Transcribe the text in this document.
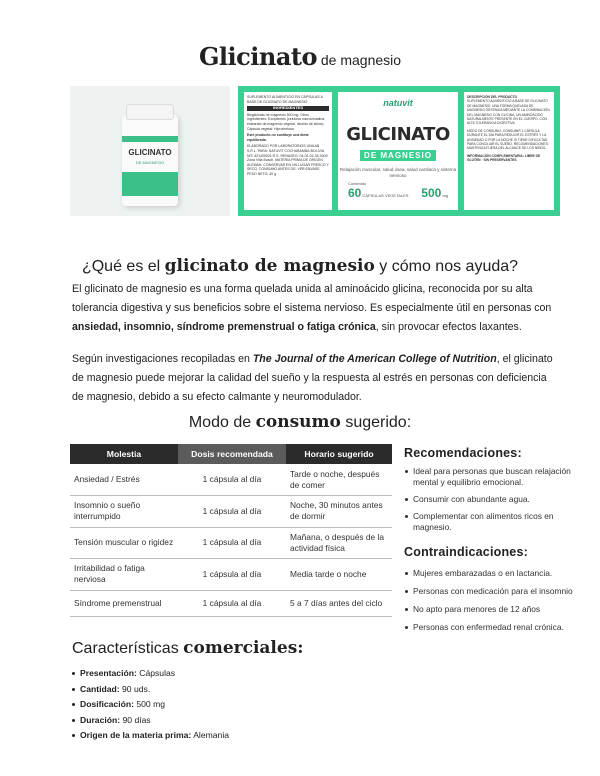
Glicinato de magnesio
GLICINATO
DE MAGNESIO
SUPLEMENTO ALIMENTICIO EN CÁPSULAS A BASE DE GLICINATO DE MAGNESIO
INGREDIENTES
Bisglicinato de magnesio 500 mg. Otros ingredientes: Excipientes (celulosa microcristalina, estearato de magnesio vegetal, dióxido de silicio). Cápsula vegetal: Hipromelosa
Este producto no sustituye una dieta equilibrada.
ELABORADO POR LABORATORIOS UNILAB S.R.L. PARA: NATUVIT COCHABAMBA-BOLIVIA NIT: 421409021 R.S. RENASEG: 04-02-02-34-0009 Zona Villa Busch. MATERIA PRIMA DE ORIGEN ALEMÁN. CONSERVAR EN UN LUGAR FRESCO Y SECO. CONSUMO ANTES DE: VER ENVASE. PESO NETO: 40 g
natuvit
GLICINATO
DE MAGNESIO
Relajación muscular, salud ósea, salud cardiaca y sistema nervioso
Contenido
60 CÁPSULAS VEGETALES 500 mg
DESCRIPCIÓN DEL PRODUCTO
SUPLEMENTO ALIMENTICIO A BASE DE GLICINATO DE MAGNESIO. UNA FORMA QUELADA DE MAGNESIO OBTENIDA MEDIANTE LA COMBINACIÓN DEL MAGNESIO CON GLICINA, UN AMINOÁCIDO NATURALMENTE PRESENTE EN EL CUERPO. CON ALTA TOLERANCIA DIGESTIVA.
MODO DE CONSUMO: CONSUMIR 1 CÁPSULA DURANTE EL DÍA PARA REDUCIR EL ESTRÉS Y LA ANSIEDAD O POR LA NOCHE SI TIENE DIFICULTAD PARA CONCILIAR EL SUEÑO. RECOMENDACIONES: MANTENGA FUERA DEL ALCANCE DE LOS NIÑOS.
INFORMACIÓN COMPLEMENTARIA: LIBRE DE GLUTEN · SIN PRESERVANTES
¿Qué es el glicinato de magnesio y cómo nos ayuda?

El glicinato de magnesio es una forma quelada unida al aminoácido glicina, reconocida por su alta tolerancia digestiva y sus beneficios sobre el sistema nervioso. Es especialmente útil en personas con ansiedad, insomnio, síndrome premenstrual o fatiga crónica, sin provocar efectos laxantes.

Según investigaciones recopiladas en The Journal of the American College of Nutrition, el glicinato de magnesio puede mejorar la calidad del sueño y la respuesta al estrés en personas con deficiencia de magnesio, debido a su efecto calmante y neuromodulador.

Modo de consumo sugerido:
Molestia	Dosis recomendada	Horario sugerido
Ansiedad / Estrés	1 cápsula al día	Tarde o noche, después de comer
Insomnio o sueño interrumpido	1 cápsula al día	Noche, 30 minutos antes de dormir
Tensión muscular o rigidez	1 cápsula al día	Mañana, o después de la actividad física
Irritabilidad o fatiga nerviosa	1 cápsula al día	Media tarde o noche
Síndrome premenstrual	1 cápsula al día	5 a 7 días antes del ciclo
Recomendaciones:
Ideal para personas que buscan relajación mental y equilibrio emocional.
Consumir con abundante agua.
Complementar con alimentos ricos en magnesio.
Contraindicaciones:
Mujeres embarazadas o en lactancia.
Personas con medicación para el insomnio
No apto para menores de 12 años
Personas con enfermedad renal crónica.
Características comerciales:
Presentación: Cápsulas
Cantidad: 90 uds.
Dosificación: 500 mg
Duración: 90 días
Origen de la materia prima: Alemania
